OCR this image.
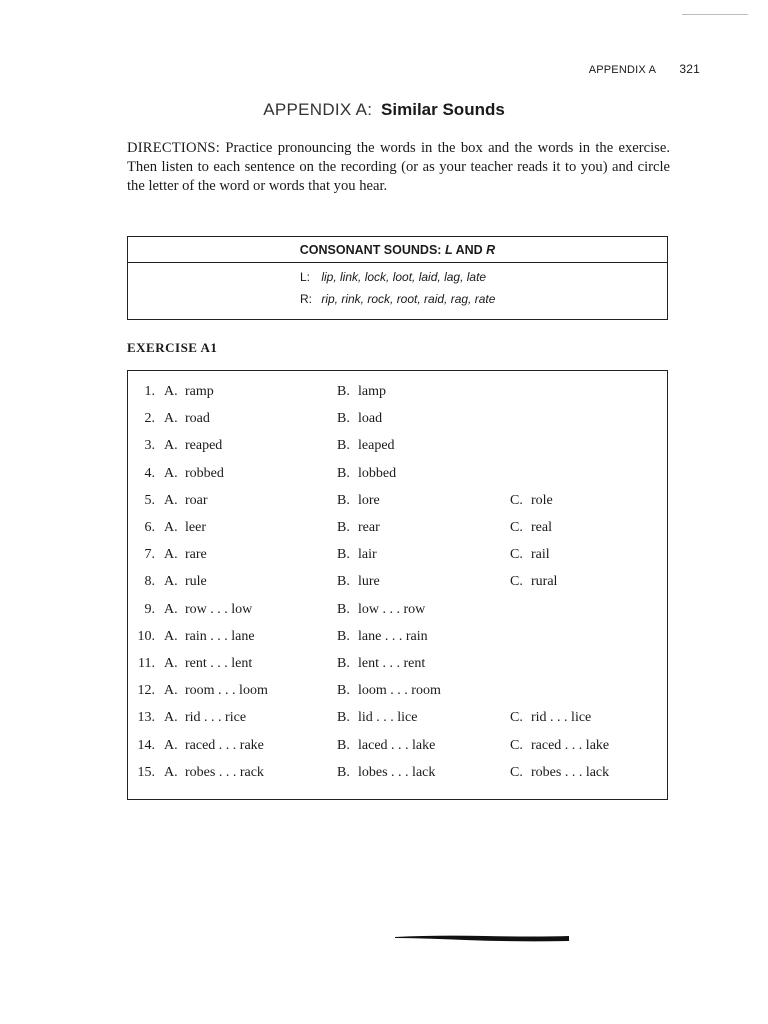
APPENDIX A 321
APPENDIX A: Similar Sounds
DIRECTIONS: Practice pronouncing the words in the box and the words in the exercise. Then listen to each sentence on the recording (or as your teacher reads it to you) and circle the letter of the word or words that you hear.
CONSONANT SOUNDS: L AND R
L: lip, link, lock, loot, laid, lag, late
R: rip, rink, rock, root, raid, rag, rate
EXERCISE A1
1. A. ramp	B. lamp
2. A. road	B. load
3. A. reaped	B. leaped
4. A. robbed	B. lobbed
5. A. roar	B. lore	C. role
6. A. leer	B. rear	C. real
7. A. rare	B. lair	C. rail
8. A. rule	B. lure	C. rural
9. A. row . . . low	B. low . . . row
10. A. rain . . . lane	B. lane . . . rain
11. A. rent . . . lent	B. lent . . . rent
12. A. room . . . loom	B. loom . . . room
13. A. rid . . . rice	B. lid . . . lice	C. rid . . . lice
14. A. raced . . . rake	B. laced . . . lake	C. raced . . . lake
15. A. robes . . . rack	B. lobes . . . lack	C. robes . . . lack
